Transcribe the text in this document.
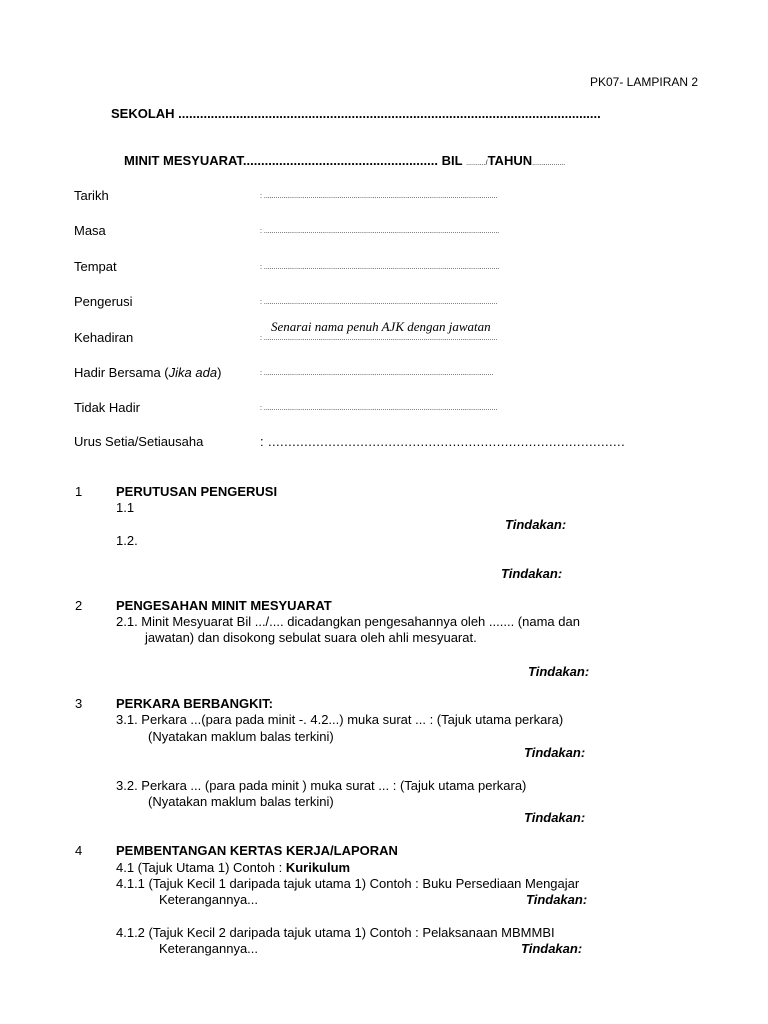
PK07- LAMPIRAN 2
SEKOLAH .....................................................................................................................
MINIT MESYUARAT...................................................... BIL ........../TAHUN.................
Tarikh	: ........................................................................................................................
Masa	: .........................................................................................................................
Tempat	: .........................................................................................................................
Pengerusi	: ........................................................................................................................
Senarai nama penuh AJK dengan jawatan
Kehadiran	: ........................................................................................................................
Hadir Bersama (Jika ada)	: ......................................................................................................................
Tidak Hadir	: ........................................................................................................................
Urus Setia/Setiausaha	: .........................................................................................
1	PERUTUSAN PENGERUSI
1.1
Tindakan:
1.2.
Tindakan:
2	PENGESAHAN MINIT MESYUARAT
2.1. Minit Mesyuarat Bil .../.... dicadangkan pengesahannya oleh ....... (nama dan
jawatan) dan disokong sebulat suara oleh ahli mesyuarat.
Tindakan:
3	PERKARA BERBANGKIT:
3.1. Perkara ...(para pada minit -. 4.2...) muka surat ... : (Tajuk utama perkara)
(Nyatakan maklum balas terkini)
Tindakan:
3.2. Perkara ... (para pada minit ) muka surat ... : (Tajuk utama perkara)
(Nyatakan maklum balas terkini)
Tindakan:
4	PEMBENTANGAN KERTAS KERJA/LAPORAN
4.1 (Tajuk Utama 1) Contoh : Kurikulum
4.1.1 (Tajuk Kecil 1 daripada tajuk utama 1) Contoh : Buku Persediaan Mengajar
Keterangannya...	Tindakan:
4.1.2 (Tajuk Kecil 2 daripada tajuk utama 1) Contoh : Pelaksanaan MBMMBI
Keterangannya...	Tindakan:
